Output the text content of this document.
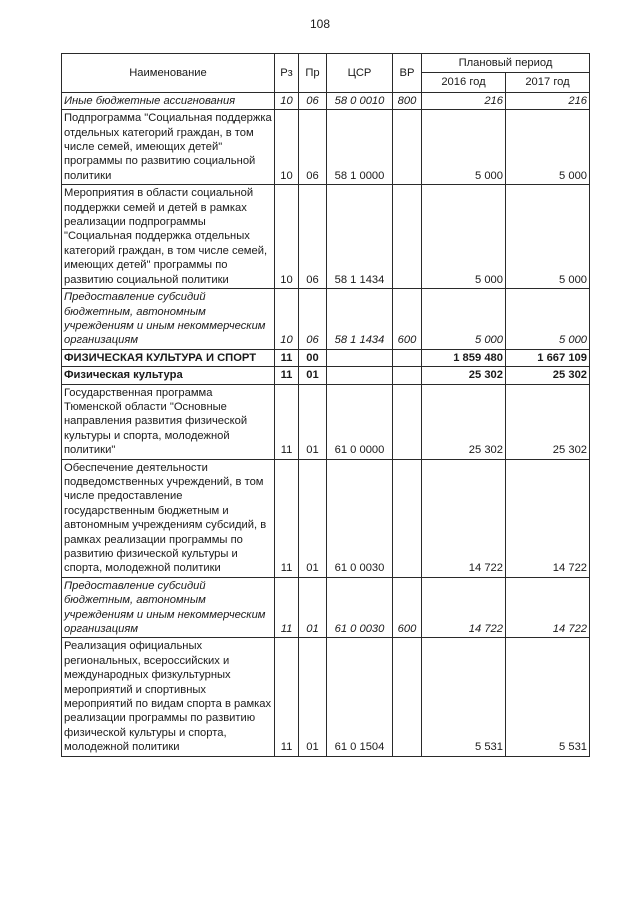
108
Наименование	Рз	Пр	ЦСР	ВР	Плановый период	
					2016 год	2017 год
Иные бюджетные ассигнования	10	06	58 0 0010	800	216	216
Подпрограмма "Социальная поддержка отдельных категорий граждан, в том числе семей, имеющих детей" программы по развитию социальной политики	10	06	58 1 0000		5 000	5 000
Мероприятия в области социальной поддержки семей и детей в рамках реализации подпрограммы "Социальная поддержка отдельных категорий граждан, в том числе семей, имеющих детей" программы по развитию социальной политики	10	06	58 1 1434		5 000	5 000
Предоставление субсидий бюджетным, автономным учреждениям и иным некоммерческим организациям	10	06	58 1 1434	600	5 000	5 000
ФИЗИЧЕСКАЯ КУЛЬТУРА И СПОРТ	11	00			1 859 480	1 667 109
Физическая культура	11	01			25 302	25 302
Государственная программа Тюменской области "Основные направления развития физической культуры и спорта, молодежной политики"	11	01	61 0 0000		25 302	25 302
Обеспечение деятельности подведомственных учреждений, в том числе предоставление государственным бюджетным и автономным учреждениям субсидий, в рамках реализации программы по развитию физической культуры и спорта, молодежной политики	11	01	61 0 0030		14 722	14 722
Предоставление субсидий бюджетным, автономным учреждениям и иным некоммерческим организациям	11	01	61 0 0030	600	14 722	14 722
Реализация официальных региональных, всероссийских и международных физкультурных мероприятий и спортивных мероприятий по видам спорта в рамках реализации программы по развитию физической культуры и спорта, молодежной политики	11	01	61 0 1504		5 531	5 531
